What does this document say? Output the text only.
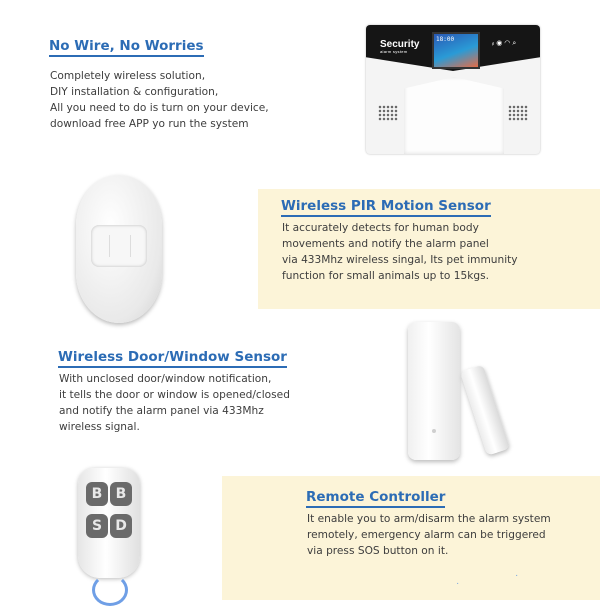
No Wire, No Worries
Completely wireless solution,
DIY installation & configuration,
All you need to do is turn on your device,
download free APP yo run the system
Security
alarm system
18:00
ᵢₗ ◉ ◠ ⌕
Wireless PIR Motion Sensor
It accurately detects for human body
movements and notify the alarm panel
via 433Mhz wireless singal, Its pet immunity
function for small animals up to 15kgs.
Wireless Door/Window Sensor
With unclosed door/window notification,
it tells the door or window is opened/closed
and notify the alarm panel via 433Mhz
wireless signal.
Remote Controller
It enable you to arm/disarm the alarm system
remotely, emergency alarm can be triggered
via press SOS button on it.
·
·
B B
S D
